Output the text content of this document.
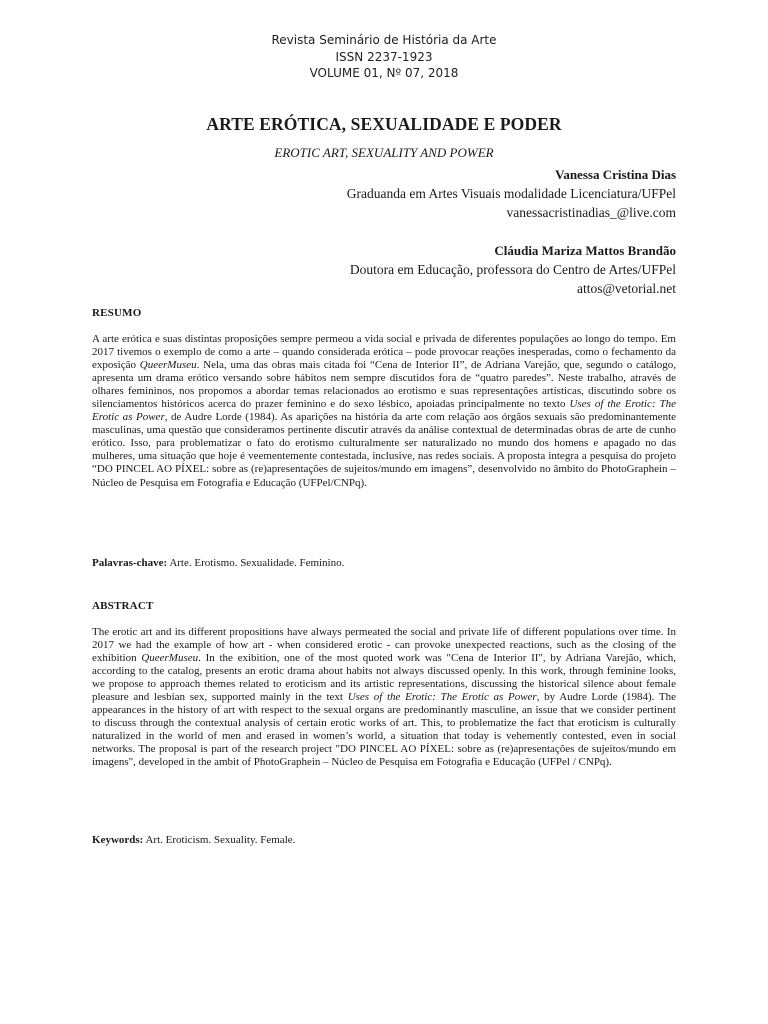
Revista Seminário de História da Arte
ISSN 2237-1923
VOLUME 01, Nº 07, 2018
ARTE ERÓTICA, SEXUALIDADE E PODER
EROTIC ART, SEXUALITY AND POWER
Vanessa Cristina Dias
Graduanda em Artes Visuais modalidade Licenciatura/UFPel
vanessacristinadias_@live.com
Cláudia Mariza Mattos Brandão
Doutora em Educação, professora do Centro de Artes/UFPel
attos@vetorial.net
RESUMO
A arte erótica e suas distintas proposições sempre permeou a vida social e privada de diferentes populações ao longo do tempo. Em 2017 tivemos o exemplo de como a arte – quando considerada erótica – pode provocar reações inesperadas, como o fechamento da exposição QueerMuseu. Nela, uma das obras mais citada foi “Cena de Interior II”, de Adriana Varejão, que, segundo o catálogo, apresenta um drama erótico versando sobre hábitos nem sempre discutidos fora de “quatro paredes”. Neste trabalho, através de olhares femininos, nos propomos a abordar temas relacionados ao erotismo e suas representações artísticas, discutindo sobre os silenciamentos históricos acerca do prazer feminino e do sexo lésbico, apoiadas principalmente no texto Uses of the Erotic: The Erotic as Power, de Audre Lorde (1984). As aparições na história da arte com relação aos órgãos sexuais são predominantemente masculinas, uma questão que consideramos pertinente discutir através da análise contextual de determinadas obras de arte de cunho erótico. Isso, para problematizar o fato do erotismo culturalmente ser naturalizado no mundo dos homens e apagado no das mulheres, uma situação que hoje é veementemente contestada, inclusive, nas redes sociais. A proposta integra a pesquisa do projeto “DO PINCEL AO PÍXEL: sobre as (re)apresentações de sujeitos/mundo em imagens”, desenvolvido no âmbito do PhotoGraphein – Núcleo de Pesquisa em Fotografia e Educação (UFPel/CNPq).
Palavras-chave: Arte. Erotismo. Sexualidade. Feminino.
ABSTRACT
The erotic art and its different propositions have always permeated the social and private life of different populations over time. In 2017 we had the example of how art - when considered erotic - can provoke unexpected reactions, such as the closing of the exhibition QueerMuseu. In the exibition, one of the most quoted work was "Cena de Interior II", by Adriana Varejão, which, according to the catalog, presents an erotic drama about habits not always discussed openly. In this work, through feminine looks, we propose to approach themes related to eroticism and its artistic representations, discussing the historical silence about female pleasure and lesbian sex, supported mainly in the text Uses of the Erotic: The Erotic as Power, by Audre Lorde (1984). The appearances in the history of art with respect to the sexual organs are predominantly masculine, an issue that we consider pertinent to discuss through the contextual analysis of certain erotic works of art. This, to problematize the fact that eroticism is culturally naturalized in the world of men and erased in women’s world, a situation that today is vehemently contested, even in social networks. The proposal is part of the research project "DO PINCEL AO PÍXEL: sobre as (re)apresentações de sujeitos/mundo em imagens", developed in the ambit of PhotoGraphein – Núcleo de Pesquisa em Fotografia e Educação (UFPel / CNPq).
Keywords: Art. Eroticism. Sexuality. Female.
